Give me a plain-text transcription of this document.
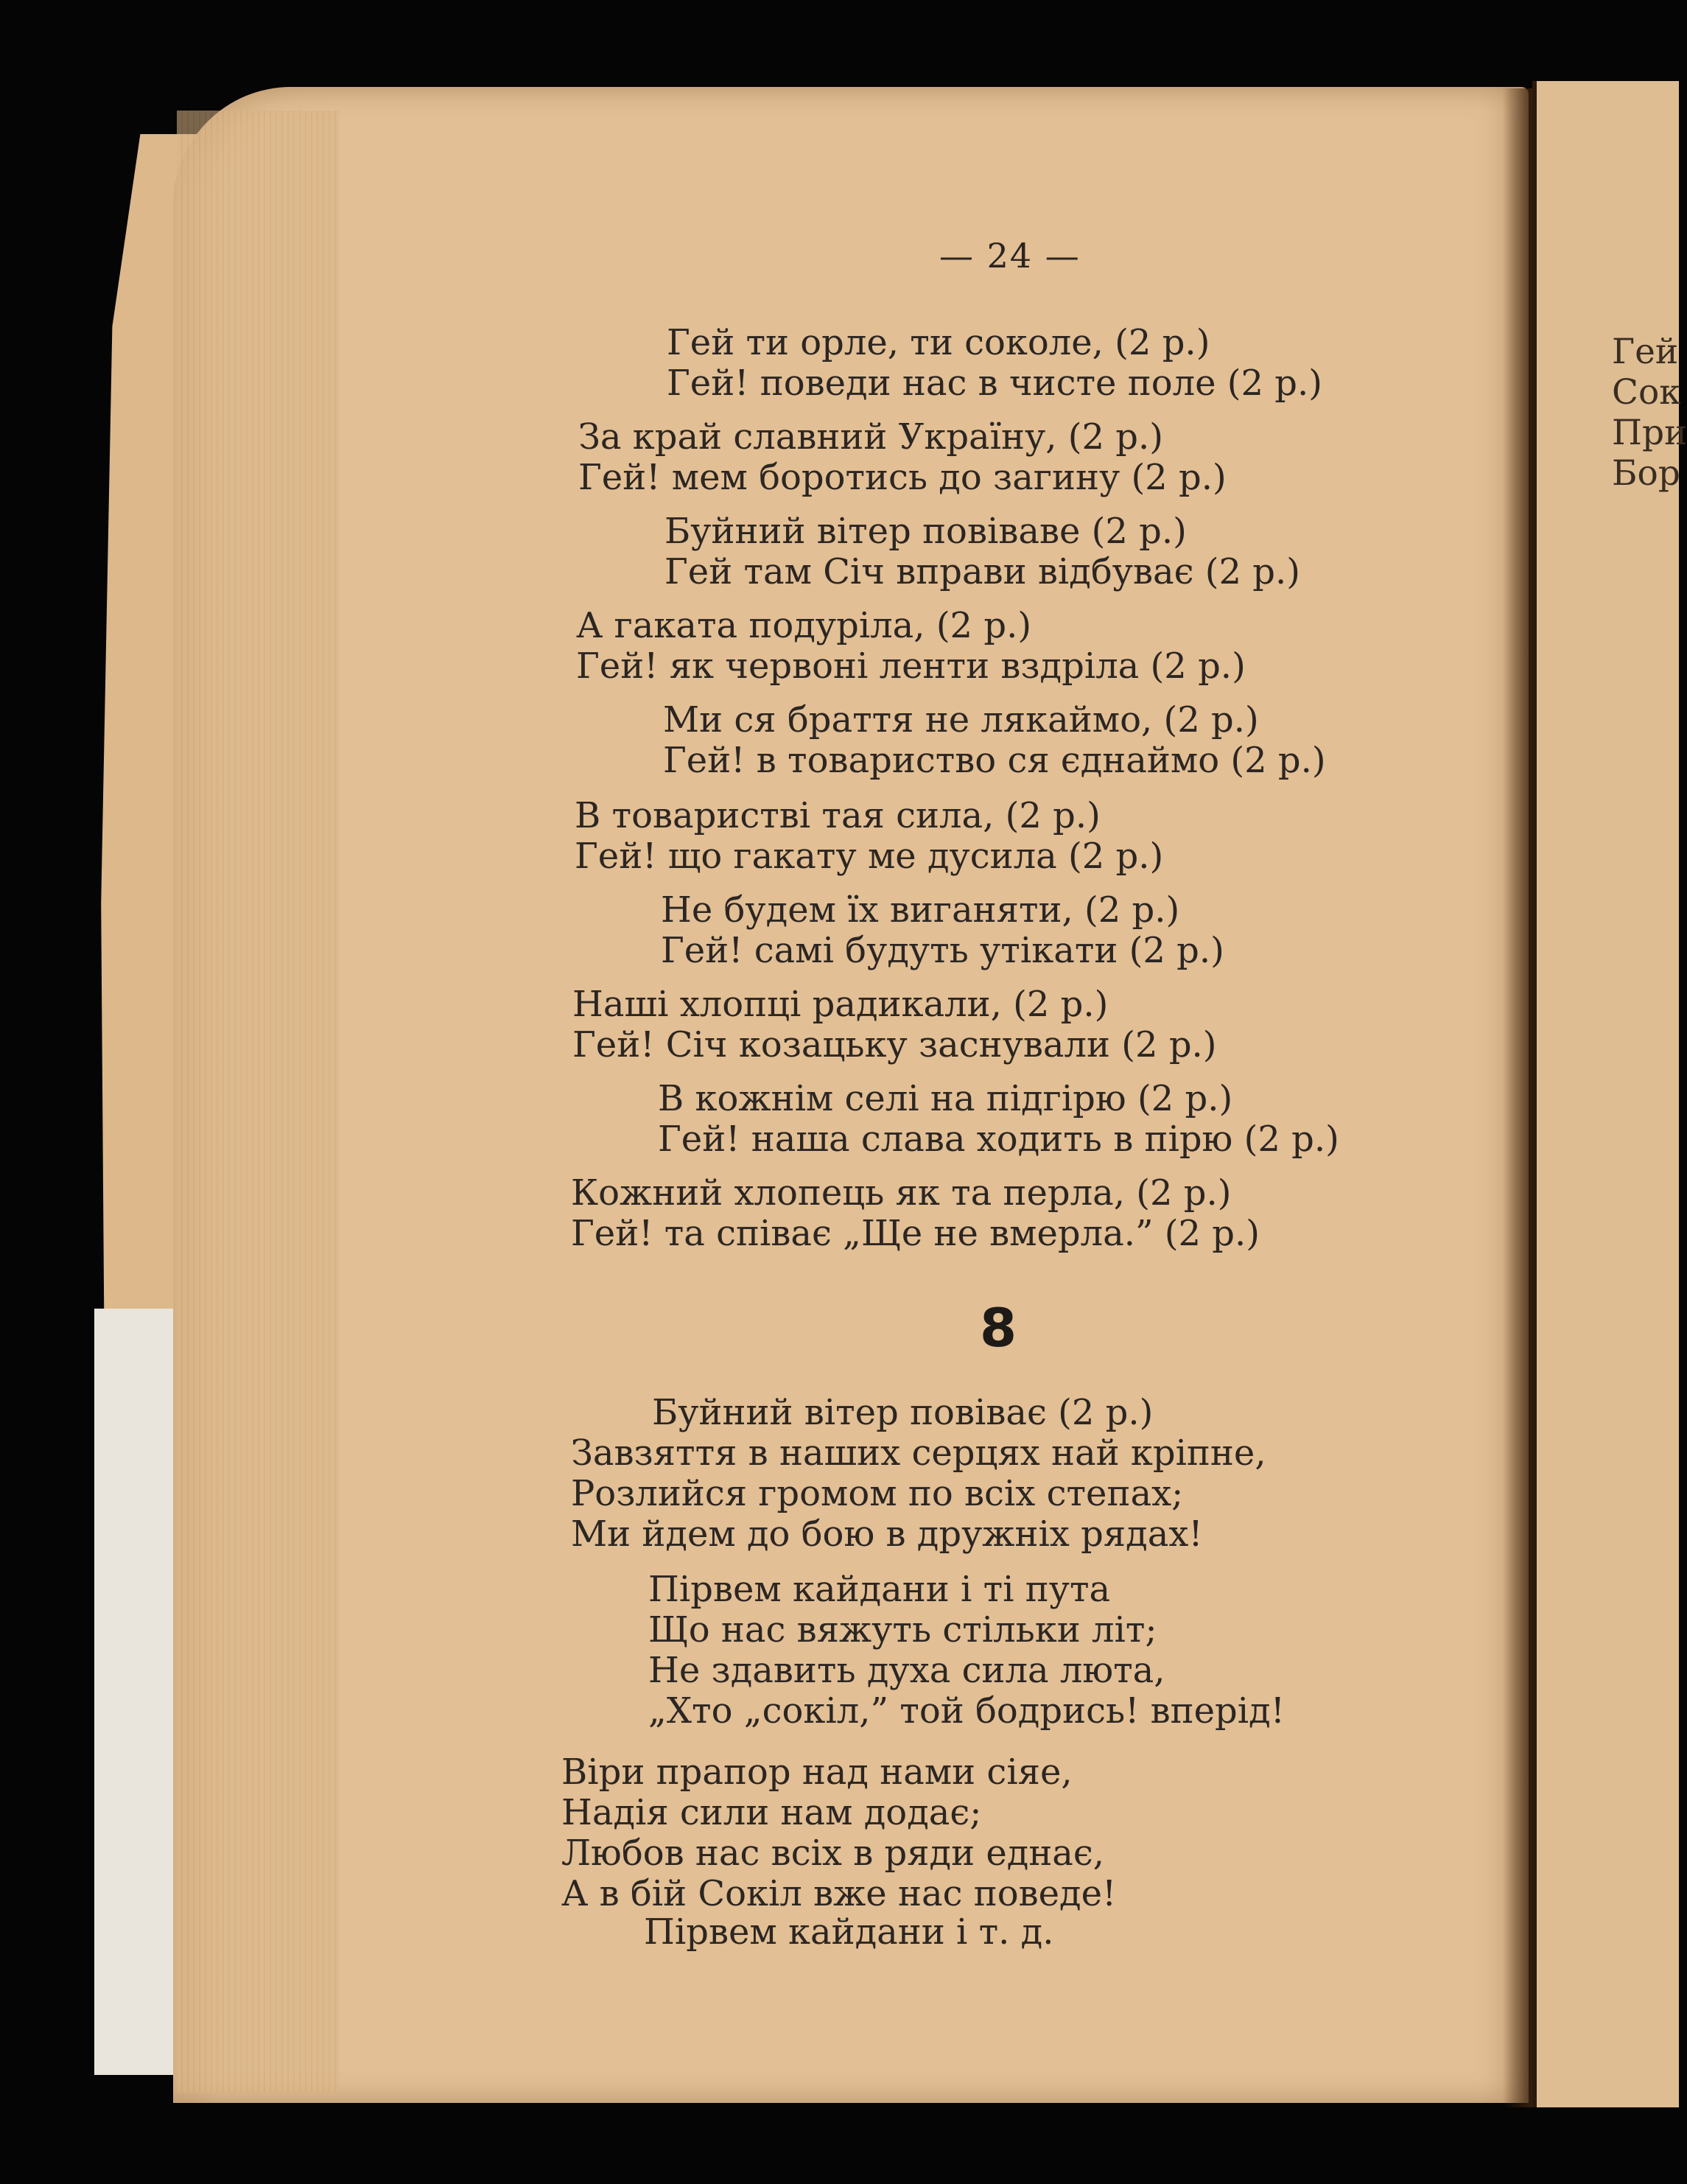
Гей
Сок
При
Бор
— 24 —
Гей ти орле, ти соколе, (2 р.)
Гей! поведи нас в чисте поле (2 р.)
За край славний Україну, (2 р.)
Гей! мем боротись до загину (2 р.)
Буйний вітер повіваве (2 р.)
Гей там Січ вправи відбуває (2 р.)
А гаката подуріла, (2 р.)
Гей! як червоні ленти вздріла (2 р.)
Ми ся браття не лякаймо, (2 р.)
Гей! в товариство ся єднаймо (2 р.)
В товаристві тая сила, (2 р.)
Гей! що гакату ме дусила (2 р.)
Не будем їх виганяти, (2 р.)
Гей! самі будуть утікати (2 р.)
Наші хлопці радикали, (2 р.)
Гей! Січ козацьку заснували (2 р.)
В кожнім селі на підгірю (2 р.)
Гей! наша слава ходить в пірю (2 р.)
Кожний хлопець як та перла, (2 р.)
Гей! та співає „Ще не вмерла.” (2 р.)
8
Буйний вітер повіває (2 р.)
Завзяття в наших серцях най кріпне,
Розлийся громом по всіх степах;
Ми йдем до бою в дружніх рядах!
Пірвем кайдани і ті пута
Що нас вяжуть стільки літ;
Не здавить духа сила люта,
„Хто „сокіл,” той бодрись! вперід!
Віри прапор над нами сіяе,
Надія сили нам додає;
Любов нас всіх в ряди еднає,
А в бій Сокіл вже нас поведе!
Пірвем кайдани і т. д.
